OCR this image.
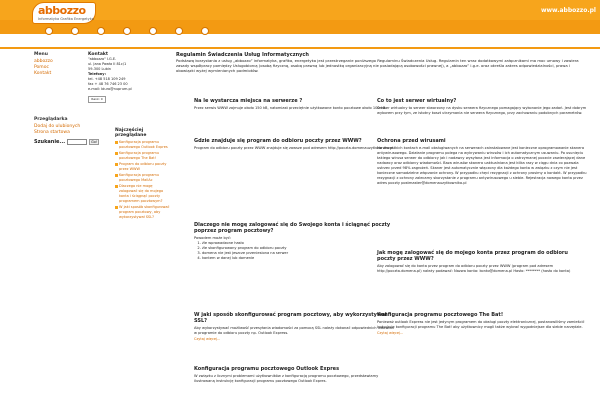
abbozzo
Informatyka Grafika Energetyka
www.abbozzo.pl
Home	Informacje	Oferta	Pomoc	Webmail Narzędzia Kontakt
Menu
abbozzo
Pomoc
Kontakt
Przeglądarka
Dodaj do ulubionych
Strona startowa
Szukanie...	Go!
Kontakt
"abbozzo" I.G.E.
ul. Jana Pawła II 81c/1
59-300 Lubin
Telefony:
tel. +48 518 109 249
fax + 48 76 746 23 00
e-mail: biuro@nuprum.pl
Rank: 0
Najczęściej przeglądane
Konfiguracja programu pocztowego Outlook Expres
Konfiguracja programu pocztowego The Bat!
Program do odbioru poczty przez WWW
Konfiguracja programu pocztowego MailAc
Dlaczego nie mogę zalogować się do mojego konta i ściągnąć poczty programem pocztowym?
W jaki sposób skonfigurować program pocztowy, aby wykorzystywał SSL?
Regulamin Świadczenia Usług Informatycznych
Podstawą korzystania z usług „abbozzo” informatyka, grafika, energetyka jest przestrzeganie poniższego Regulaminu Świadczenia Usług. Regulamin ten wraz dodatkowymi załącznikami ma moc umowy i zawiera zasady współpracy pomiędzy Usługobiorcą (osobą fizyczną, osobą prawną lub jednostką organizacyjną nie posiadającą osobowości prawnej), a „abbozzo” i.g.e. oraz określa zakres odpowiedzialności, prawa i obowiązki wyżej wymienionych podmiotów.
Na le wystarcza miejsca na serwerze ?
Przez serwis WWW zajmuje około 150 kB, natomiast przeciętnie użytkowane konto pocztowe około 100 kB.
Co to jest serwer wirtualny?
Serwer wirtualny to serwer stworzony na dysku serwera fizycznego pomagający wykonanie jego zadań. Jest dobrym wyborem przy tym, ze istotny koszt utrzymania nie serwera fizycznego, przy zachowaniu podobnych parametrów.
Gdzie znajduje się program do odbioru poczty przez WWW?
Program do odbioru poczty przez WWW znajduje się zawsze pod adresem http://poczta.domenauzytkownika.pl
Ochrona przed wirusami
Na wszystkich kontach e-mail obsługiwanych na serwerach zainstalowane jest konieczne oprogramowanie skanera antywirusowego. Działanie programu polega na wykrywaniu wirusów i ich automatycznym usuwaniu. Po usunięciu takiego wirusa serwer do odbiorcy jak i nadawcy wysyłana jest informacja o zatrzymanej poczcie zawierającej dane nadawcy oraz odbiorcy wiadomości. Baza wirusów skanera uaktualniana jest kilka razy w ciągu dnia co pozwala ustrzec przed 98% zagrożeń. Skaner jest automatycznie włączony dla każdego konta w związku z czym nie jest konieczne samodzielne włączanie ochrony. W przypadku chęci rezygnacji z ochrony prosimy o kontakt. W przypadku rezygnacji z ochrony zalecamy skorzystanie z programu antywirusowego u siebie. Rejestracja nowego konta przez adres poczty postmaster@domenauzytkownika.pl
Dlaczego nie mogę zalogować się do Swojego konta i ściągnąć poczty poprzez program pocztowy?
Powodem może być:
1. źle wprowadzone hasło
2. źle skonfigurowany program do odbioru poczty
3. domena nie jest jeszcze przeniesiona na serwer
4. kontem w danej lub domenie
Jak mogę zalogować się do mojego konta przez program do odbioru poczty przez WWW?
Aby zalogować się do konta przez program do odbioru poczty przez WWW (program pod adresem http://poczta.domena.pl) należy podawać: Nazwa konta: konto@domena.pl Hasło: ******** (hasło do konta)
W jaki sposób skonfigurować program pocztowy, aby wykorzystywał SSL?
Aby wykorzystywać możliwość przesyłania wiadomości za pomocą SSL należy dokonać odpowiednich ustawień w programie do odbioru poczty np. Outlook Express.
Czytaj więcej...
Konfiguracja programu pocztowego The Bat!
Ponieważ outlook Express nie jest jedynym programem do obsługi poczty elektronicznej, postanowiliśmy zamieścić instrukcje konfiguracji programu The Bat! aby użytkownicy mogli także wybrać wygodniejsze dla siebie narzędzie.
Czytaj więcej...
Konfiguracja programu pocztowego Outlook Expres
W związku z licznymi problemami użytkowników z konfiguracją programu pocztowego, przedstawiamy ilustrowaną instrukcję konfiguracji programu pocztowego Outlook Expres.
